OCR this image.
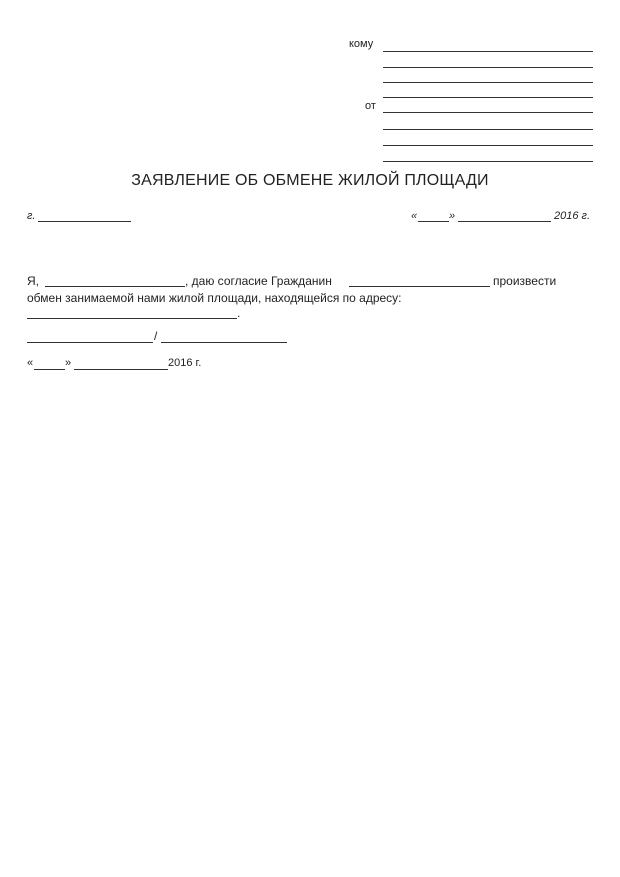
кому
от
ЗАЯВЛЕНИЕ ОБ ОБМЕНЕ ЖИЛОЙ ПЛОЩАДИ
г.	«	»	2016 г.
Я,	, даю согласие Гражданин	произвести
обмен занимаемой нами жилой площади, находящейся по адресу:
.
/
«	»	2016 г.
